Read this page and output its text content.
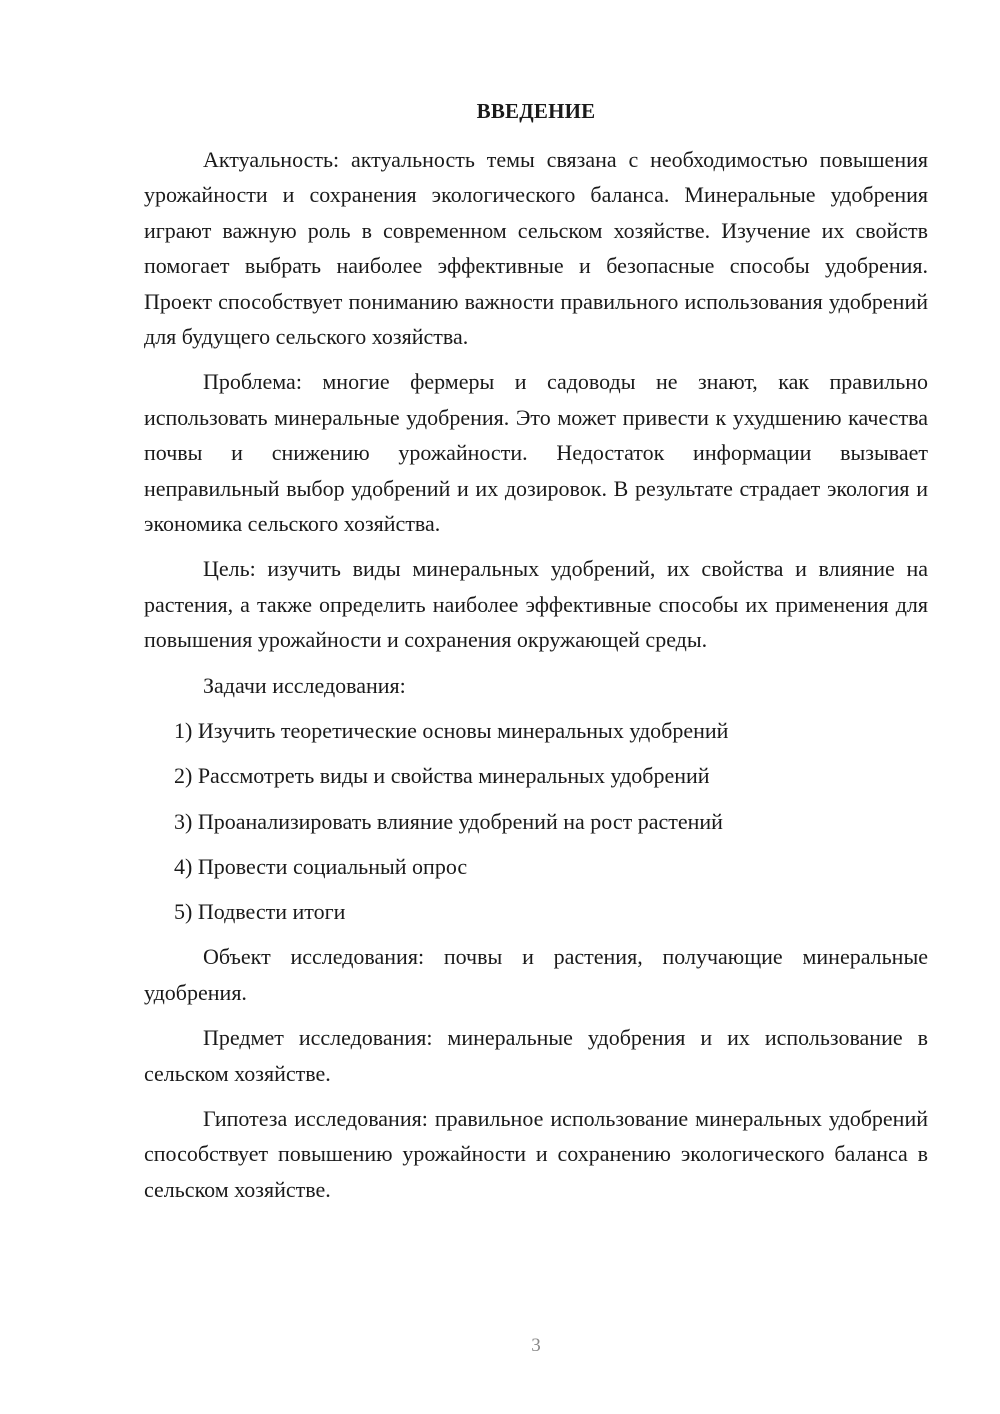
ВВЕДЕНИЕ

Актуальность: актуальность темы связана с необходимостью повышения урожайности и сохранения экологического баланса. Минеральные удобрения играют важную роль в современном сельском хозяйстве. Изучение их свойств помогает выбрать наиболее эффективные и безопасные способы удобрения. Проект способствует пониманию важности правильного использования удобрений для будущего сельского хозяйства.

Проблема: многие фермеры и садоводы не знают, как правильно использовать минеральные удобрения. Это может привести к ухудшению качества почвы и снижению урожайности. Недостаток информации вызывает неправильный выбор удобрений и их дозировок. В результате страдает экология и экономика сельского хозяйства.

Цель: изучить виды минеральных удобрений, их свойства и влияние на растения, а также определить наиболее эффективные способы их применения для повышения урожайности и сохранения окружающей среды.

Задачи исследования:

1) Изучить теоретические основы минеральных удобрений
2) Рассмотреть виды и свойства минеральных удобрений
3) Проанализировать влияние удобрений на рост растений
4) Провести социальный опрос
5) Подвести итоги

Объект исследования: почвы и растения, получающие минеральные удобрения.

Предмет исследования: минеральные удобрения и их использование в сельском хозяйстве.

Гипотеза исследования: правильное использование минеральных удобрений способствует повышению урожайности и сохранению экологического баланса в сельском хозяйстве.

3
